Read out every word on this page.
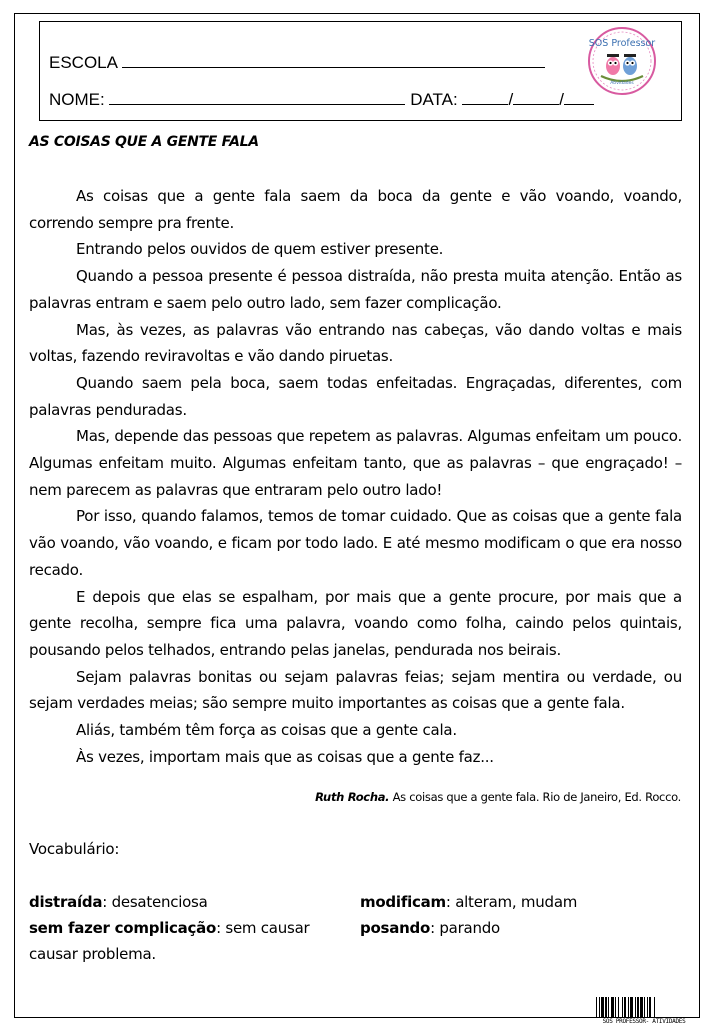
ESCOLA
NOME:	DATA:	/	/
SOS Professor
Atividades
AS COISAS QUE A GENTE FALA

As coisas que a gente fala saem da boca da gente e vão voando, voando, correndo sempre pra frente.

Entrando pelos ouvidos de quem estiver presente.

Quando a pessoa presente é pessoa distraída, não presta muita atenção. Então as palavras entram e saem pelo outro lado, sem fazer complicação.

Mas, às vezes, as palavras vão entrando nas cabeças, vão dando voltas e mais voltas, fazendo reviravoltas e vão dando piruetas.

Quando saem pela boca, saem todas enfeitadas. Engraçadas, diferentes, com palavras penduradas.

Mas, depende das pessoas que repetem as palavras. Algumas enfeitam um pouco. Algumas enfeitam muito. Algumas enfeitam tanto, que as palavras – que engraçado! – nem parecem as palavras que entraram pelo outro lado!

Por isso, quando falamos, temos de tomar cuidado. Que as coisas que a gente fala vão voando, vão voando, e ficam por todo lado. E até mesmo modificam o que era nosso recado.

E depois que elas se espalham, por mais que a gente procure, por mais que a gente recolha, sempre fica uma palavra, voando como folha, caindo pelos quintais, pousando pelos telhados, entrando pelas janelas, pendurada nos beirais.

Sejam palavras bonitas ou sejam palavras feias; sejam mentira ou verdade, ou sejam verdades meias; são sempre muito importantes as coisas que a gente fala.

Aliás, também têm força as coisas que a gente cala.

Às vezes, importam mais que as coisas que a gente faz...

Ruth Rocha. As coisas que a gente fala. Rio de Janeiro, Ed. Rocco.
Vocabulário:
distraída: desatenciosa
sem fazer complicação: sem causar
causar problema.
modificam: alteram, mudam
posando: parando
SOS PROFESSOR- ATIVIDADES
